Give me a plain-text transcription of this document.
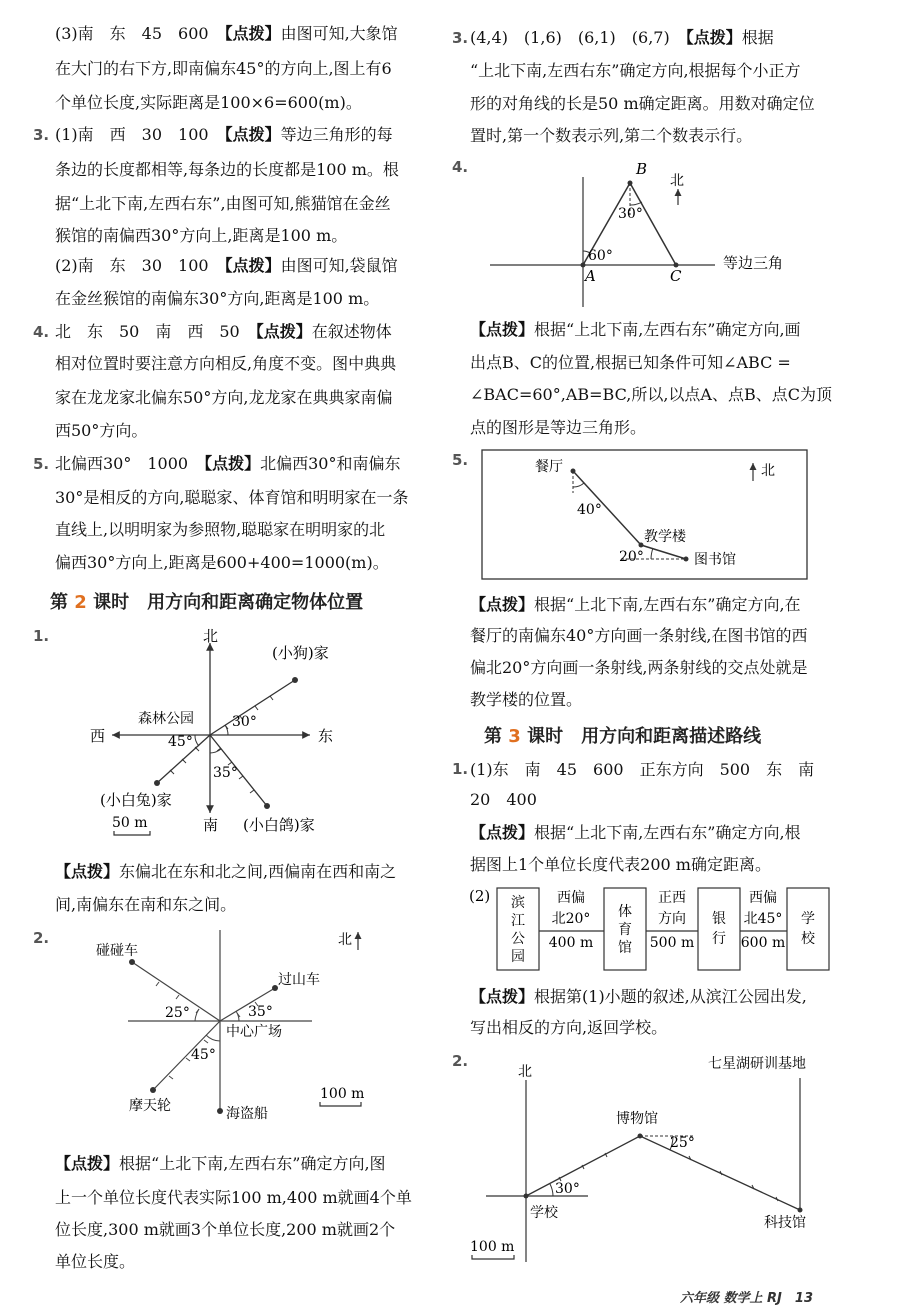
(3)南　东　45　600　【点拨】由图可知,大象馆
在大门的右下方,即南偏东45°的方向上,图上有6
个单位长度,实际距离是100×6=600(m)。
3. (1)南　西　30　100　【点拨】等边三角形的每
条边的长度都相等,每条边的长度都是100 m。根
据“上北下南,左西右东”,由图可知,熊猫馆在金丝
猴馆的南偏西30°方向上,距离是100 m。
(2)南　东　30　100　【点拨】由图可知,袋鼠馆
在金丝猴馆的南偏东30°方向,距离是100 m。
4. 北　东　50　南　西　50　【点拨】在叙述物体
相对位置时要注意方向相反,角度不变。图中典典
家在龙龙家北偏东50°方向,龙龙家在典典家南偏
西50°方向。
5. 北偏西30°　1000　【点拨】北偏西30°和南偏东
30°是相反的方向,聪聪家、体育馆和明明家在一条
直线上,以明明家为参照物,聪聪家在明明家的北
偏西30°方向上,距离是600+400=1000(m)。
第 2 课时　用方向和距离确定物体位置
1.	北
南
东
西
森林公园
(小狗)家
(小白兔)家
(小白鸽)家
30°
45°
35°
50 m
【点拨】东偏北在东和北之间,西偏南在西和南之
间,南偏东在南和东之间。
2.	北
碰碰车
过山车
中心广场
摩天轮	海盗船
25°	35°
45°
100 m
【点拨】根据“上北下南,左西右东”确定方向,图
上一个单位长度代表实际100 m,400 m就画4个单
位长度,300 m就画3个单位长度,200 m就画2个
单位长度。
3. (4,4)　(1,6)　(6,1)　(6,7)　【点拨】根据
“上北下南,左西右东”确定方向,根据每个小正方
形的对角线的长是50 m确定距离。用数对确定位
置时,第一个数表示列,第二个数表示行。
4.	B
A	C
北
30°
60°	等边三角
【点拨】根据“上北下南,左西右东”确定方向,画
出点B、C的位置,根据已知条件可知∠ABC =
∠BAC=60°,AB=BC,所以,以点A、点B、点C为顶
点的图形是等边三角形。
5.	餐厅	北
教学楼
图书馆
40°
20°
【点拨】根据“上北下南,左西右东”确定方向,在
餐厅的南偏东40°方向画一条射线,在图书馆的西
偏北20°方向画一条射线,两条射线的交点处就是
教学楼的位置。
第 3 课时　用方向和距离描述路线
1. (1)东　南　45　600　正东方向　500　东　南
20　400
【点拨】根据“上北下南,左西右东”确定方向,根
据图上1个单位长度代表200 m确定距离。
(2) 滨
江
公
园
西偏
北20°
400 m
体
育
馆
正西
方向
500 m
银
行
西偏
北45°
600 m
学
校
【点拨】根据第(1)小题的叙述,从滨江公园出发,
写出相反的方向,返回学校。
2.	七星湖研训基地
北
博物馆
学校
科技馆
30°
25°
100 m
六年级 数学上 RJ　13
